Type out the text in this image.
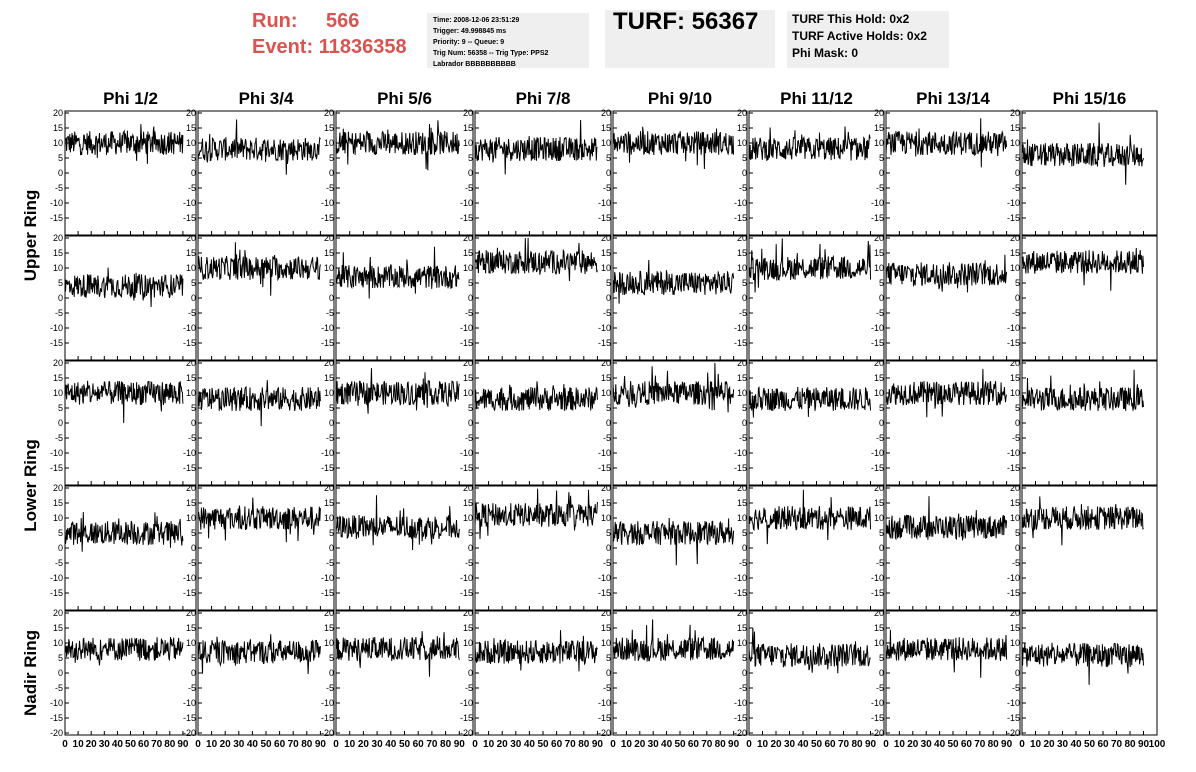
Run: 566
Event: 11836358
Time: 2008-12-06 23:51:29
Trigger: 49.998845 ms
Priority: 9 -- Queue: 9
Trig Num: 56358 -- Trig Type: PPS2
Labrador BBBBBBBBBB
TURF: 56367	TURF This Hold: 0x2
TURF Active Holds: 0x2
Phi Mask: 0
Phi 1/2	Phi 3/4	Phi 5/6	Phi 7/8	Phi 9/10	Phi 11/12	Phi 13/14	Phi 15/16
Upper Ring
Lower Ring
Nadir Ring
20
15
10
5
0
-5
-10
-15
20
15
10
5
0
-5
-10
-15
20
15
10
5
0
-5
-10
-15
20
15
10
5
0
-5
-10
-15
20
15
10
5
0
-5
-10
-15
20
15
10
5
0
-5
-10
-15
20
15
10
5
0
-5
-10
-15
20
15
10
5
0
-5
-10
-15
20
15
10
5
0
-5
-10
-15
20
15
10
5
0
-5
-10
-15
20
15
10
5
0
-5
-10
-15
20
15
10
5
0
-5
-10
-15
20
15
10
5
0
-5
-10
-15
20
15
10
5
0
-5
-10
-15
20
15
10
5
0
-5
-10
-15
20
15
10
5
0
-5
-10
-15
20
15
10
5
0
-5
-10
-15
20
15
10
5
0
-5
-10
-15
20
15
10
5
0
-5
-10
-15
20
15
10
5
0
-5
-10
-15
20
15
10
5
0
-5
-10
-15
20
15
10
5
0
-5
-10
-15
20
15
10
5
0
-5
-10
-15
20
15
10
5
0
-5
-10
-15
20
15
10
5
0
-5
-10
-15
20
15
10
5
0
-5
-10
-15
20
15
10
5
0
-5
-10
-15
20
15
10
5
0
-5
-10
-15
20
15
10
5
0
-5
-10
-15
20
15
10
5
0
-5
-10
-15
20
15
10
5
0
-5
-10
-15
20
15
10
5
0
-5
-10
-15
20
15
10
5
0
-5
-10
-15
-20
0 10 20 30 40 50 60 70 80 90
20
15
10
5
0
-5
-10
-15
-20
0 10 20 30 40 50 60 70 80 90
20
15
10
5
0
-5
-10
-15
-20
0 10 20 30 40 50 60 70 80 90
20
15
10
5
0
-5
-10
-15
-20
0 10 20 30 40 50 60 70 80 90
20
15
10
5
0
-5
-10
-15
-20
0 10 20 30 40 50 60 70 80 90
20
15
10
5
0
-5
-10
-15
-20
0 10 20 30 40 50 60 70 80 90
20
15
10
5
0
-5
-10
-15
-20
0 10 20 30 40 50 60 70 80 90
20
15
10
5
0
-5
-10
-15
-20
0 10 20 30 40 50 60 70 80 90 100
